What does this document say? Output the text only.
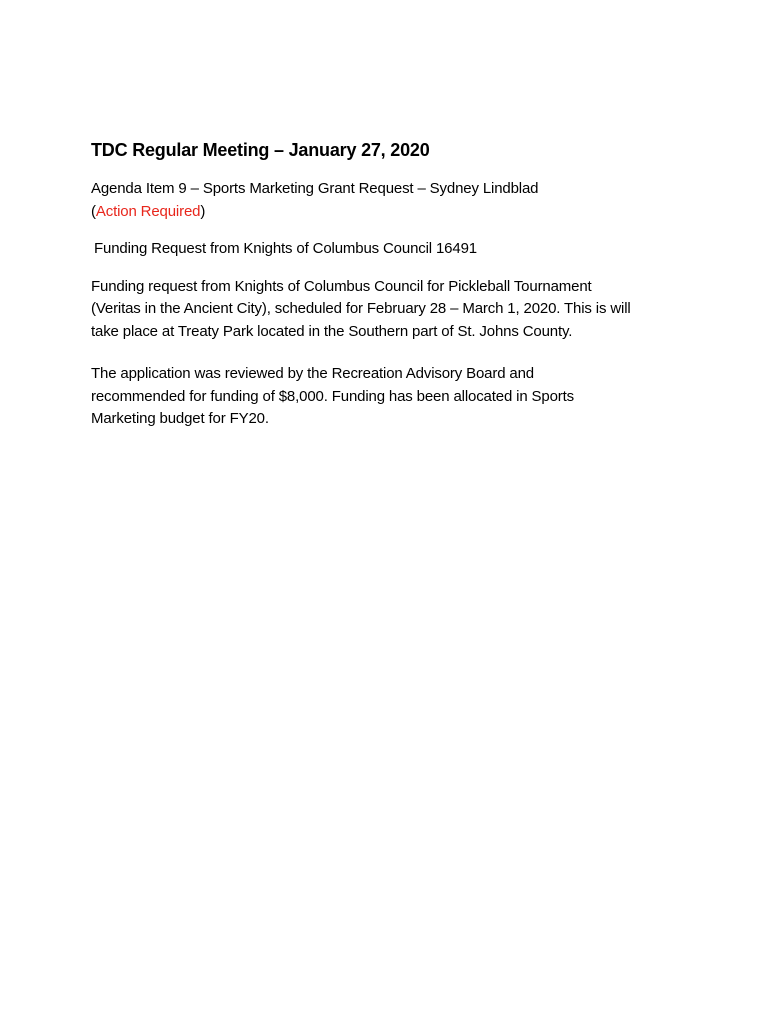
TDC Regular Meeting – January 27, 2020

Agenda Item 9 – Sports Marketing Grant Request – Sydney Lindblad
(Action Required)

Funding Request from Knights of Columbus Council 16491

Funding request from Knights of Columbus Council for Pickleball Tournament
(Veritas in the Ancient City), scheduled for February 28 – March 1, 2020. This is will
take place at Treaty Park located in the Southern part of St. Johns County.

The application was reviewed by the Recreation Advisory Board and
recommended for funding of $8,000. Funding has been allocated in Sports
Marketing budget for FY20.
